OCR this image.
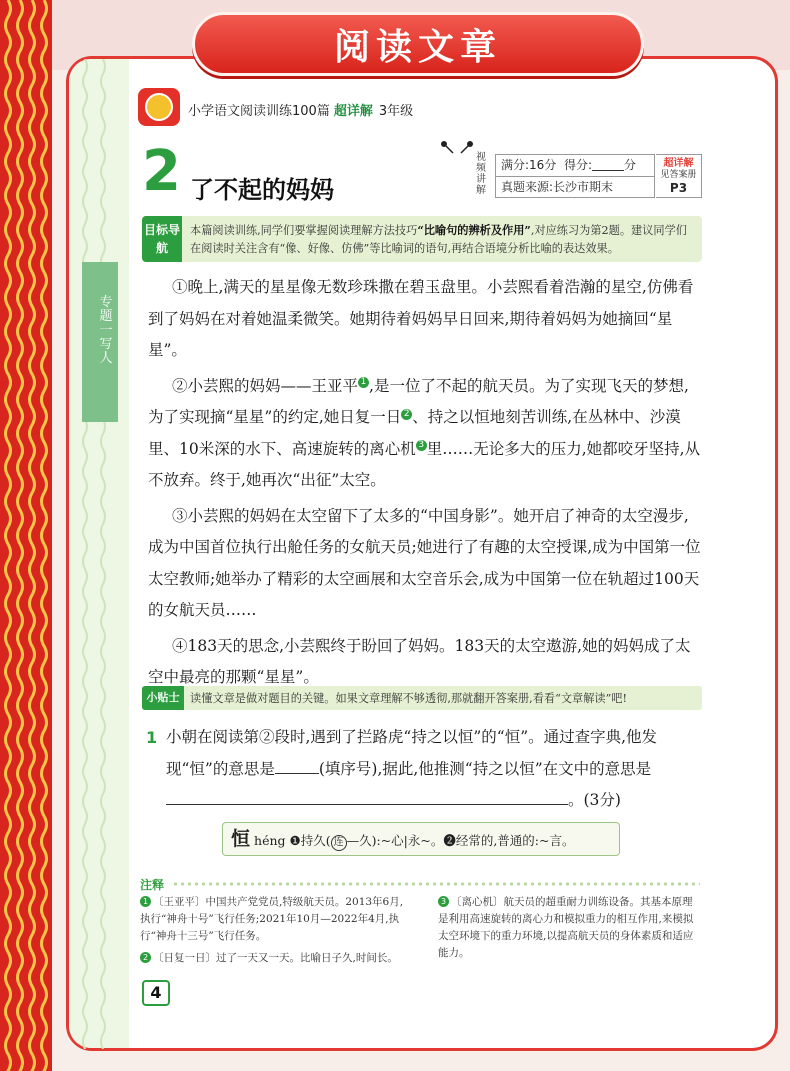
阅读文章
小学语文阅读训练100篇 超详解 3年级
2 了不起的妈妈
视频讲解
满分:16分 得分:	分
真题来源:长沙市期末
超详解
见答案册
P3
目标导航
本篇阅读训练,同学们要掌握阅读理解方法技巧“比喻句的辨析及作用”,对应练习为第2题。建议同学们在阅读时关注含有“像、好像、仿佛”等比喻词的语句,再结合语境分析比喻的表达效果。
专题一 写人

①晚上,满天的星星像无数珍珠撒在碧玉盘里。小芸熙看着浩瀚的星空,仿佛看到了妈妈在对着她温柔微笑。她期待着妈妈早日回来,期待着妈妈为她摘回“星星”。

②小芸熙的妈妈——王亚平 1 ,是一位了不起的航天员。为了实现飞天的梦想,为了实现摘“星星”的约定,她日复一日 2 、持之以恒地刻苦训练,在丛林中、沙漠里、10米深的水下、高速旋转的离心机 3 里……无论多大的压力,她都咬牙坚持,从不放弃。终于,她再次“出征”太空。

③小芸熙的妈妈在太空留下了太多的“中国身影”。她开启了神奇的太空漫步,成为中国首位执行出舱任务的女航天员;她进行了有趣的太空授课,成为中国第一位太空教师;她举办了精彩的太空画展和太空音乐会,成为中国第一位在轨超过100天的女航天员……

④183天的思念,小芸熙终于盼回了妈妈。183天的太空遨游,她的妈妈成了太空中最亮的那颗“星星”。

小贴士 读懂文章是做对题目的关键。如果文章理解不够透彻,那就翻开答案册,看看“文章解读”吧!
1 小朝在阅读第②段时,遇到了拦路虎“持之以恒”的“恒”。通过查字典,他发现“恒”的意思是	(填序号),据此,他推测“持之以恒”在文中的意思是。(3分)
恒héng ❶持久( 连 —久):~心|永~。❷经常的,普通的:~言。
注释
1 〔王亚平〕中国共产党党员,特级航天员。2013年6月,执行“神舟十号”飞行任务;2021年10月—2022年4月,执行“神舟十三号”飞行任务。
2 〔日复一日〕过了一天又一天。比喻日子久,时间长。
3 〔离心机〕航天员的超重耐力训练设备。其基本原理是利用高速旋转的离心力和模拟重力的相互作用,来模拟太空环境下的重力环境,以提高航天员的身体素质和适应能力。
4
